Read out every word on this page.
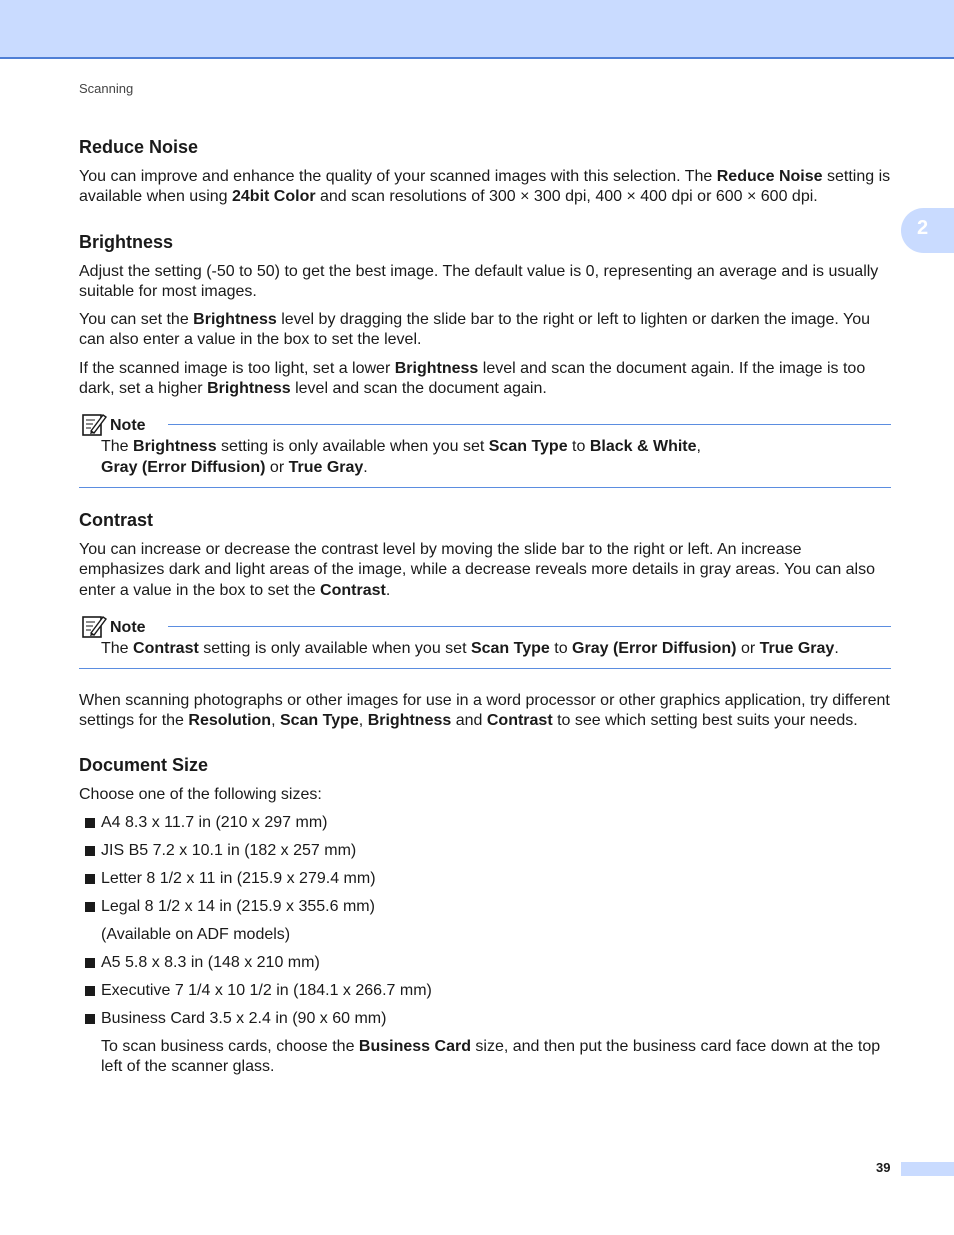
Scanning
2
Reduce Noise

You can improve and enhance the quality of your scanned images with this selection. The Reduce Noise setting is available when using 24bit Color and scan resolutions of 300 × 300 dpi, 400 × 400 dpi or 600 × 600 dpi.

Brightness

Adjust the setting (-50 to 50) to get the best image. The default value is 0, representing an average and is usually suitable for most images.

You can set the Brightness level by dragging the slide bar to the right or left to lighten or darken the image. You can also enter a value in the box to set the level.

If the scanned image is too light, set a lower Brightness level and scan the document again. If the image is too dark, set a higher Brightness level and scan the document again.

Note

The Brightness setting is only available when you set Scan Type to Black & White,
Gray (Error Diffusion) or True Gray.

Contrast

You can increase or decrease the contrast level by moving the slide bar to the right or left. An increase emphasizes dark and light areas of the image, while a decrease reveals more details in gray areas. You can also enter a value in the box to set the Contrast.

Note

The Contrast setting is only available when you set Scan Type to Gray (Error Diffusion) or True Gray.

When scanning photographs or other images for use in a word processor or other graphics application, try different settings for the Resolution, Scan Type, Brightness and Contrast to see which setting best suits your needs.

Document Size

Choose one of the following sizes:

A4 8.3 x 11.7 in (210 x 297 mm)
JIS B5 7.2 x 10.1 in (182 x 257 mm)
Letter 8 1/2 x 11 in (215.9 x 279.4 mm)
Legal 8 1/2 x 14 in (215.9 x 355.6 mm)

(Available on ADF models)

A5 5.8 x 8.3 in (148 x 210 mm)
Executive 7 1/4 x 10 1/2 in (184.1 x 266.7 mm)
Business Card 3.5 x 2.4 in (90 x 60 mm)

To scan business cards, choose the Business Card size, and then put the business card face down at the top left of the scanner glass.

39
